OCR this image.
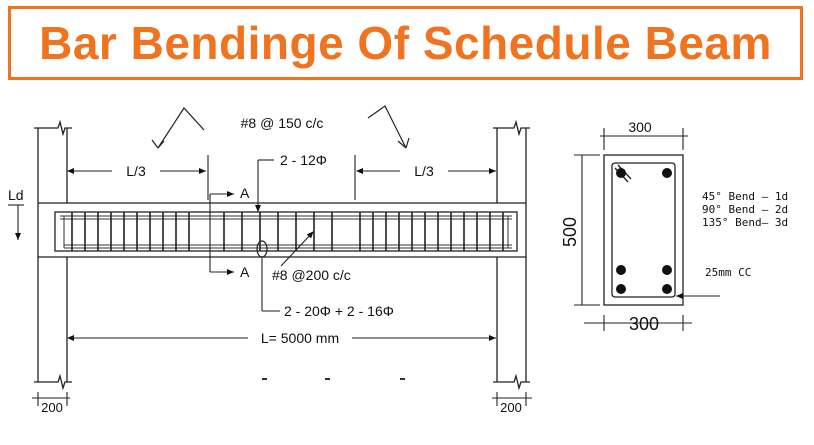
Bar Bendinge Of Schedule Beam
L/3	L/3
#8 @ 150 c/c
2 - 12Φ
A
A
Ld
#8 @200 c/c
2 - 20Φ + 2 - 16Φ
L= 5000 mm
200	200
300
500
300
45° Bend – 1d
90° Bend – 2d
135° Bend– 3d
25mm CC
